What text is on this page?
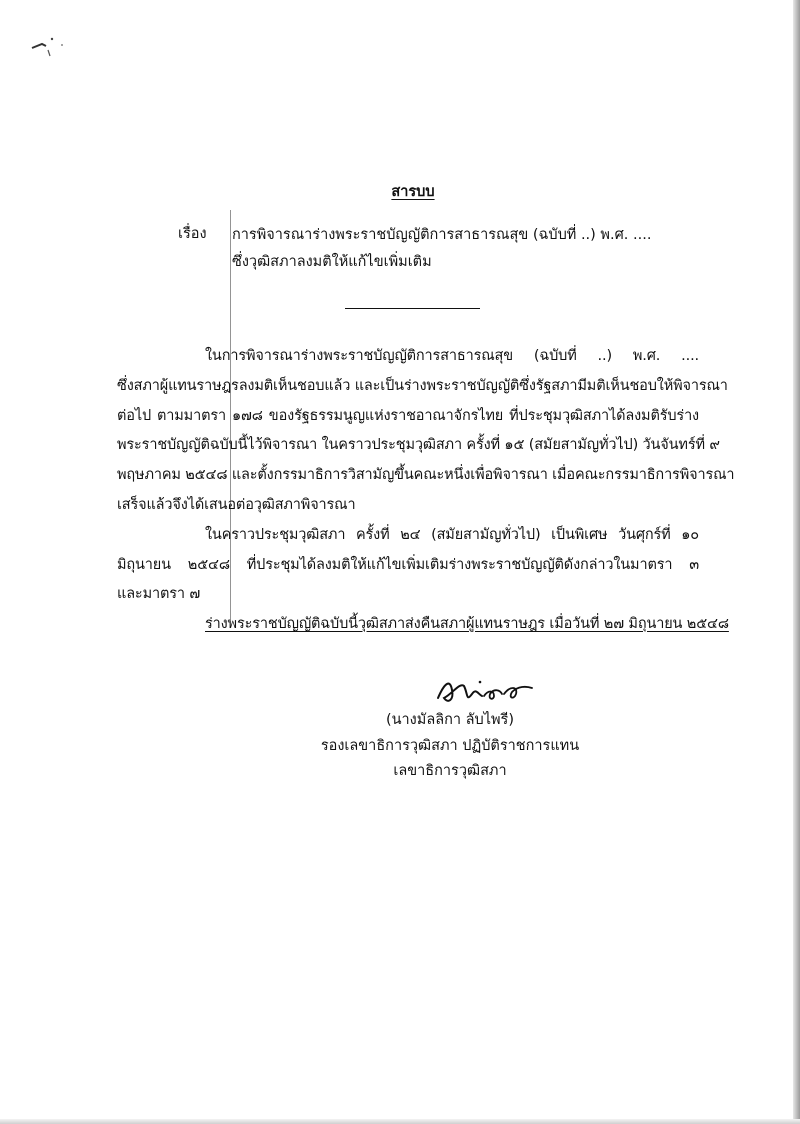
สารบบ
เรื่อง การพิจารณาร่างพระราชบัญญัติการสาธารณสุข (ฉบับที่ ..) พ.ศ. ....
ซึ่งวุฒิสภาลงมติให้แก้ไขเพิ่มเติม
ในการพิจารณาร่างพระราชบัญญัติการสาธารณสุข (ฉบับที่ ..) พ.ศ. ....
ซึ่งสภาผู้แทนราษฎรลงมติเห็นชอบแล้ว และเป็นร่างพระราชบัญญัติซึ่งรัฐสภามีมติเห็นชอบให้พิจารณา
ต่อไป ตามมาตรา ๑๗๘ ของรัฐธรรมนูญแห่งราชอาณาจักรไทย ที่ประชุมวุฒิสภาได้ลงมติรับร่าง
พระราชบัญญัติฉบับนี้ไว้พิจารณา ในคราวประชุมวุฒิสภา ครั้งที่ ๑๕ (สมัยสามัญทั่วไป) วันจันทร์ที่ ๙
พฤษภาคม ๒๕๔๘ และตั้งกรรมาธิการวิสามัญขึ้นคณะหนึ่งเพื่อพิจารณา เมื่อคณะกรรมาธิการพิจารณา
เสร็จแล้วจึงได้เสนอต่อวุฒิสภาพิจารณา
ในคราวประชุมวุฒิสภา ครั้งที่ ๒๔ (สมัยสามัญทั่วไป) เป็นพิเศษ วันศุกร์ที่ ๑๐
มิถุนายน ๒๕๔๘ ที่ประชุมได้ลงมติให้แก้ไขเพิ่มเติมร่างพระราชบัญญัติดังกล่าวในมาตรา ๓
และมาตรา ๗
ร่างพระราชบัญญัติฉบับนี้วุฒิสภาส่งคืนสภาผู้แทนราษฎร เมื่อวันที่ ๒๗ มิถุนายน ๒๕๔๘
(นางมัลลิกา ลับไพรี)
รองเลขาธิการวุฒิสภา ปฏิบัติราชการแทน
เลขาธิการวุฒิสภา
